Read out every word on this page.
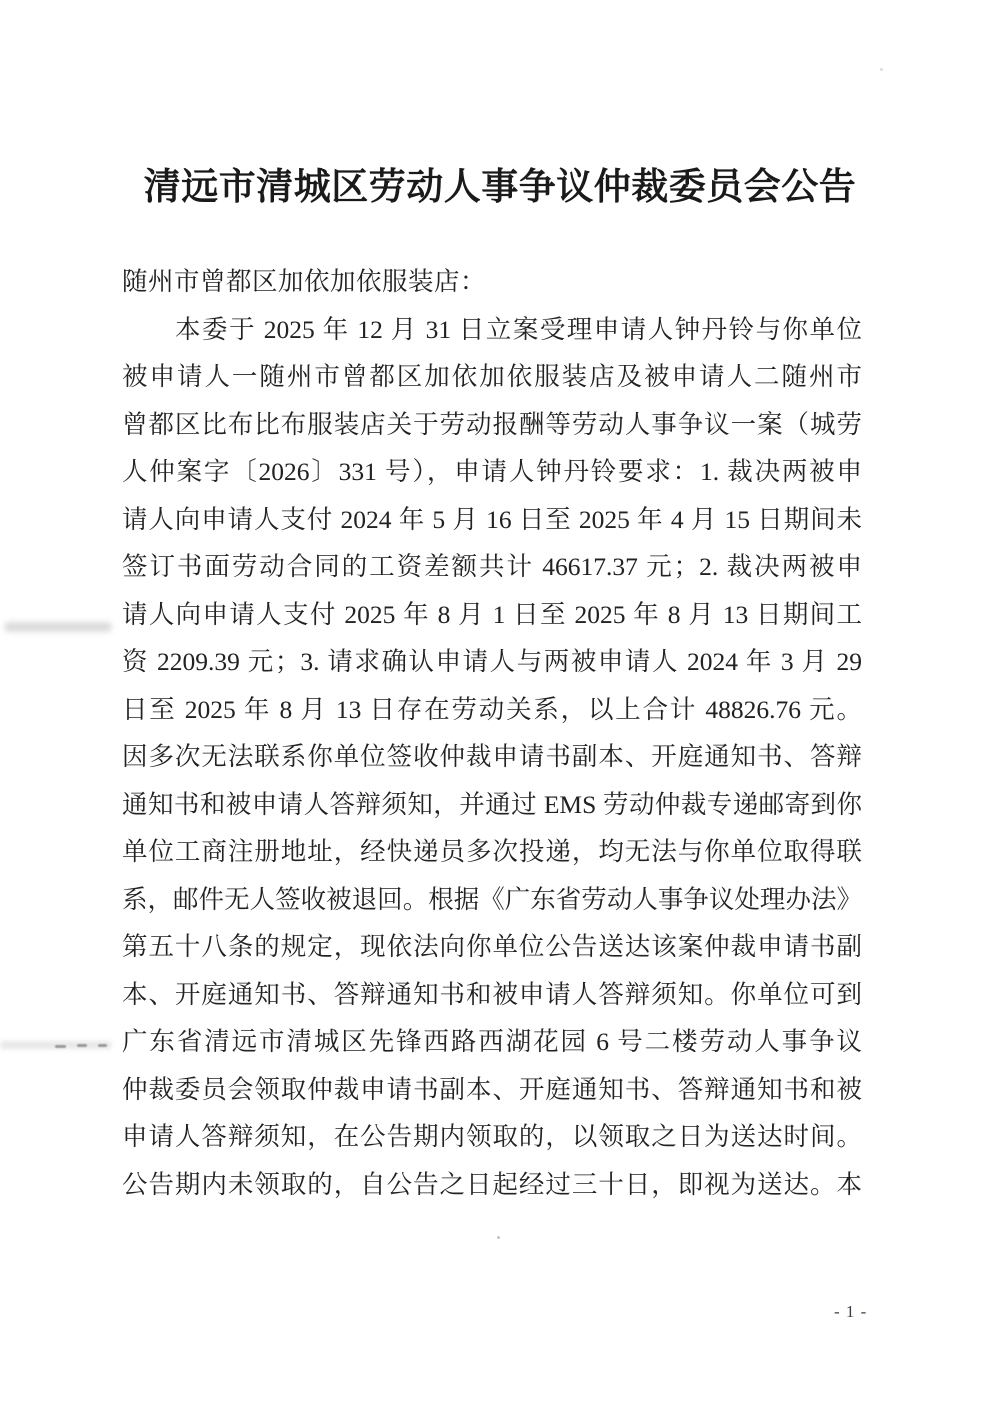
清远市清城区劳动人事争议仲裁委员会公告
随州市曾都区加依加依服装店：
本委于 2025 年 12 月 31 日立案受理申请人钟丹铃与你单位
被申请人一随州市曾都区加依加依服装店及被申请人二随州市
曾都区比布比布服装店关于劳动报酬等劳动人事争议一案（城劳
人仲案字〔2026〕331 号），申请人钟丹铃要求：1. 裁决两被申
请人向申请人支付 2024 年 5 月 16 日至 2025 年 4 月 15 日期间未
签订书面劳动合同的工资差额共计 46617.37 元；2. 裁决两被申
请人向申请人支付 2025 年 8 月 1 日至 2025 年 8 月 13 日期间工
资 2209.39 元；3. 请求确认申请人与两被申请人 2024 年 3 月 29
日至 2025 年 8 月 13 日存在劳动关系，以上合计 48826.76 元。
因多次无法联系你单位签收仲裁申请书副本、开庭通知书、答辩
通知书和被申请人答辩须知，并通过 EMS 劳动仲裁专递邮寄到你
单位工商注册地址，经快递员多次投递，均无法与你单位取得联
系，邮件无人签收被退回。根据《广东省劳动人事争议处理办法》
第五十八条的规定，现依法向你单位公告送达该案仲裁申请书副
本、开庭通知书、答辩通知书和被申请人答辩须知。你单位可到
广东省清远市清城区先锋西路西湖花园 6 号二楼劳动人事争议
仲裁委员会领取仲裁申请书副本、开庭通知书、答辩通知书和被
申请人答辩须知，在公告期内领取的，以领取之日为送达时间。
公告期内未领取的，自公告之日起经过三十日，即视为送达。本
- 1 -
